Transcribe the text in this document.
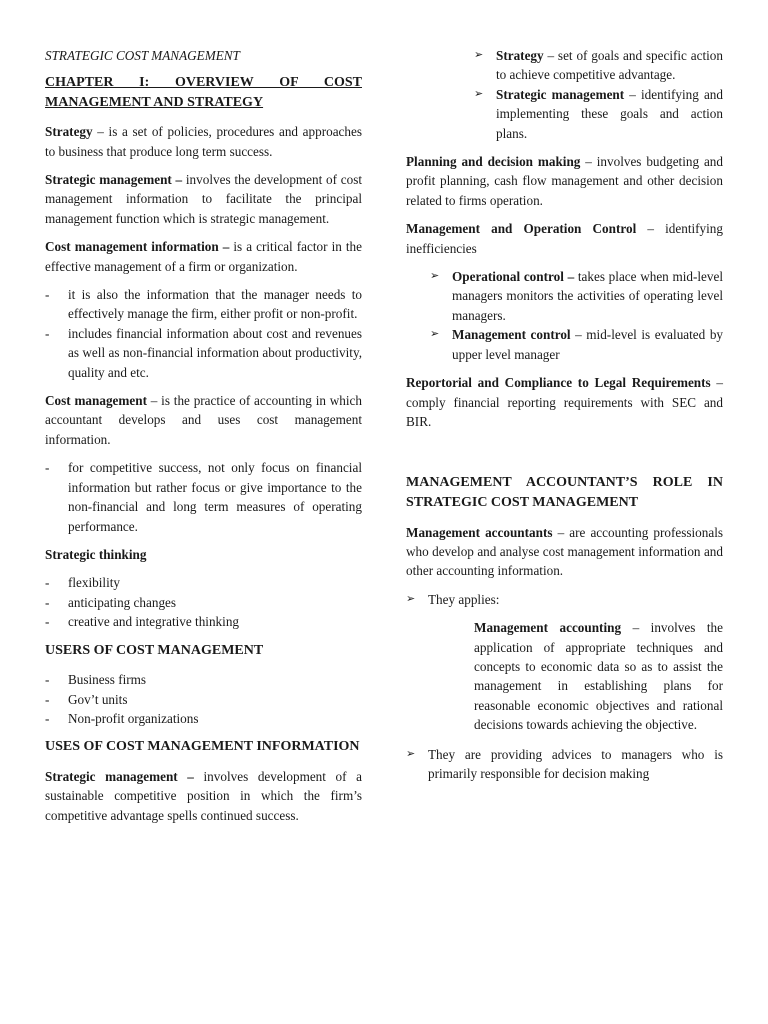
STRATEGIC COST MANAGEMENT

CHAPTER I: OVERVIEW OF COST MANAGEMENT AND STRATEGY

Strategy – is a set of policies, procedures and approaches to business that produce long term success.

Strategic management – involves the development of cost management information to facilitate the principal management function which is strategic management.

Cost management information – is a critical factor in the effective management of a firm or organization.

- it is also the information that the manager needs to effectively manage the firm, either profit or non-profit.
- includes financial information about cost and revenues as well as non-financial information about productivity, quality and etc.

Cost management – is the practice of accounting in which accountant develops and uses cost management information.

- for competitive success, not only focus on financial information but rather focus or give importance to the non-financial and long term measures of operating performance.

Strategic thinking

- flexibility
- anticipating changes
- creative and integrative thinking

USERS OF COST MANAGEMENT

- Business firms
- Gov’t units
- Non-profit organizations

USES OF COST MANAGEMENT INFORMATION

Strategic management – involves development of a sustainable competitive position in which the firm’s competitive advantage spells continued success.

➢ Strategy – set of goals and specific action to achieve competitive advantage.
➢ Strategic management – identifying and implementing these goals and action plans.

Planning and decision making – involves budgeting and profit planning, cash flow management and other decision related to firms operation.

Management and Operation Control – identifying inefficiencies

➢ Operational control – takes place when mid-level managers monitors the activities of operating level managers.
➢ Management control – mid-level is evaluated by upper level manager

Reportorial and Compliance to Legal Requirements – comply financial reporting requirements with SEC and BIR.

MANAGEMENT ACCOUNTANT’S ROLE IN STRATEGIC COST MANAGEMENT

Management accountants – are accounting professionals who develop and analyse cost management information and other accounting information.

➢ They applies:

Management accounting – involves the application of appropriate techniques and concepts to economic data so as to assist the management in establishing plans for reasonable economic objectives and rational decisions towards achieving the objective.

➢ They are providing advices to managers who is primarily responsible for decision making
